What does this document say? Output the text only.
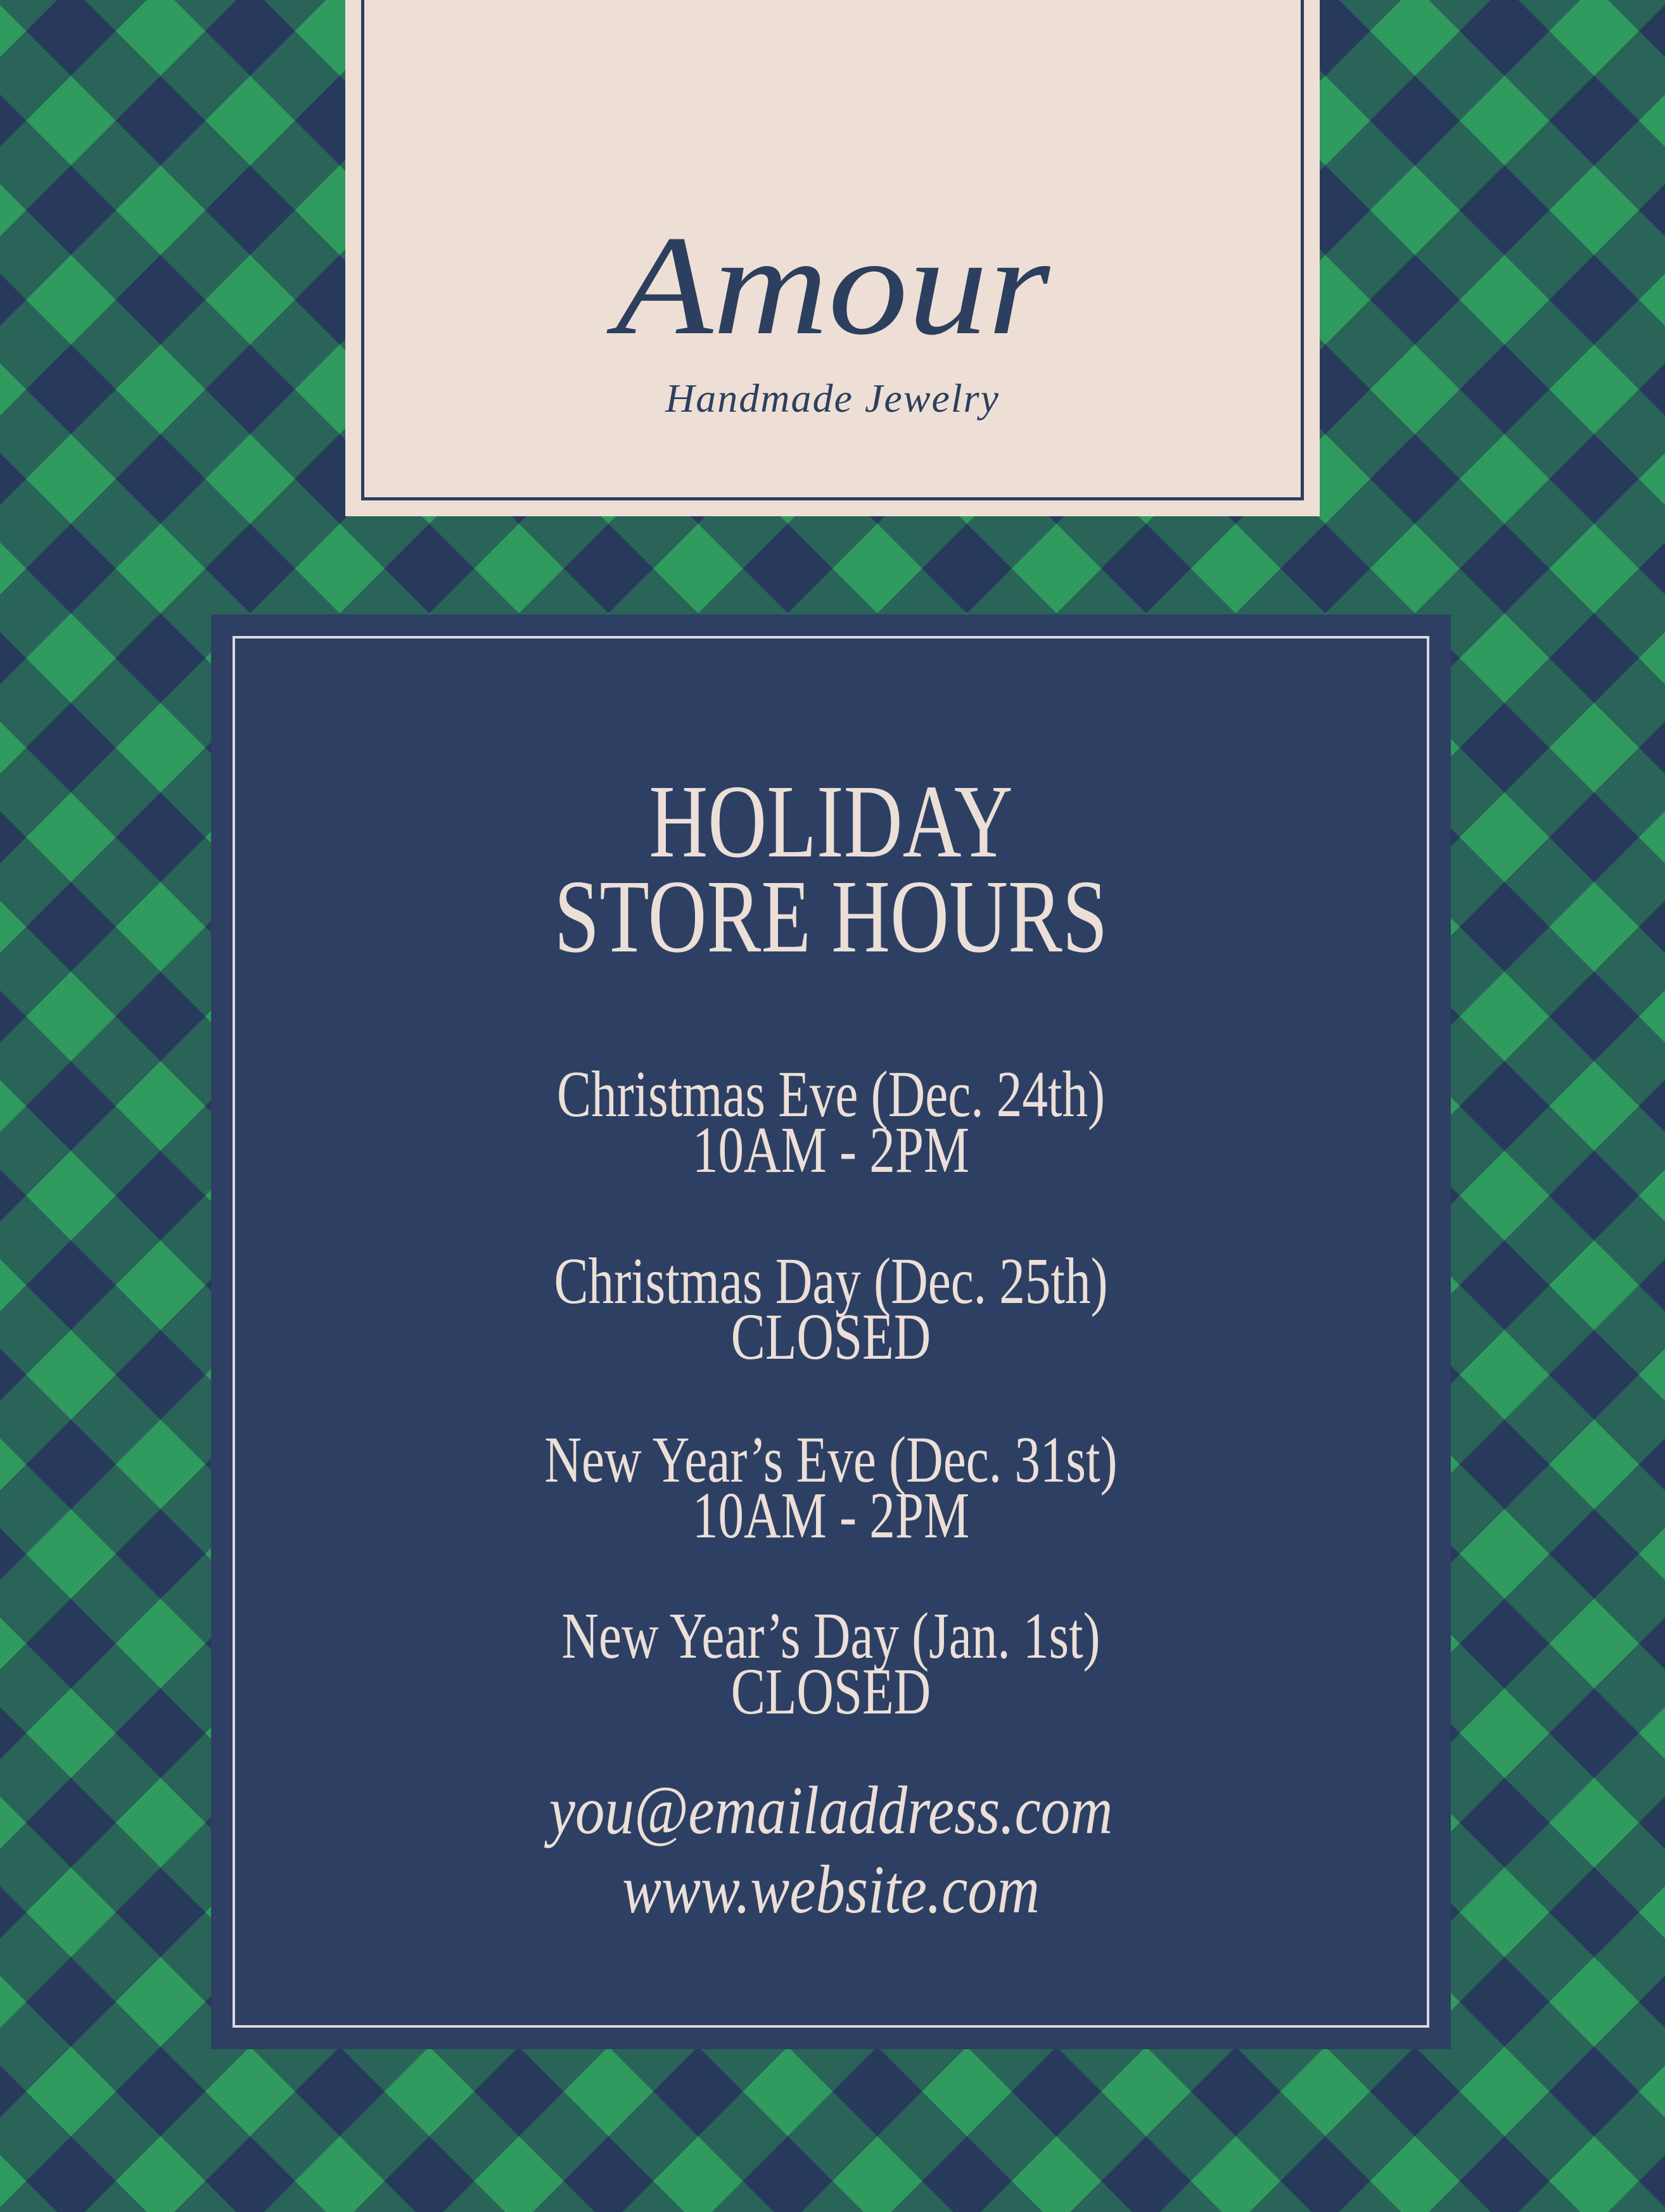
Amour
Handmade Jewelry
HOLIDAY
STORE HOURS
Christmas Eve (Dec. 24th)
10AM - 2PM
Christmas Day (Dec. 25th)
CLOSED
New Year’s Eve (Dec. 31st)
10AM - 2PM
New Year’s Day (Jan. 1st)
CLOSED
you@emailaddress.com
www.website.com
